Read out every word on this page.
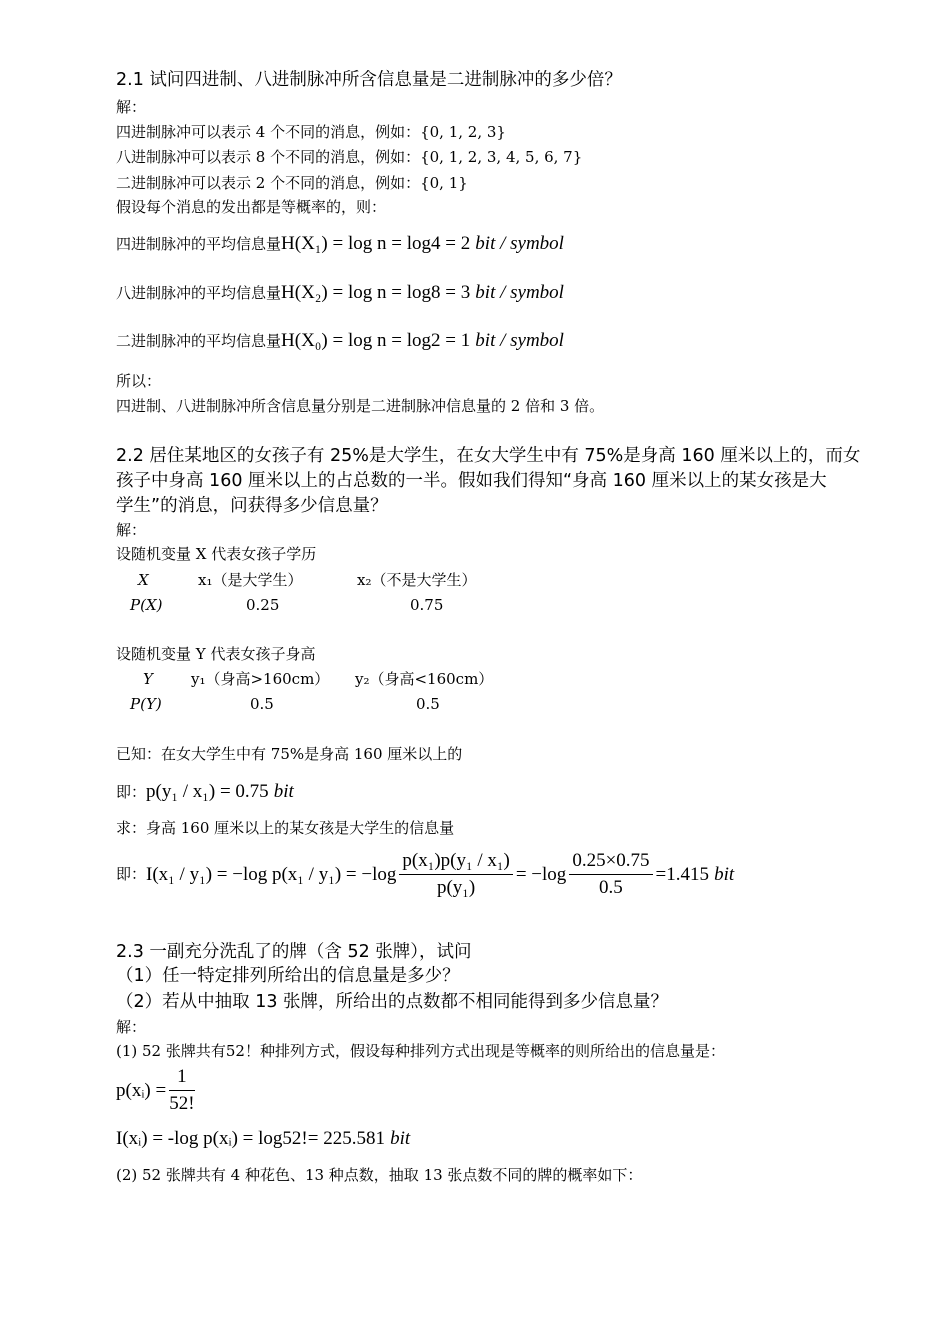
2.1 试问四进制、八进制脉冲所含信息量是二进制脉冲的多少倍？
解：
四进制脉冲可以表示 4 个不同的消息，例如：{0, 1, 2, 3}
八进制脉冲可以表示 8 个不同的消息，例如：{0, 1, 2, 3, 4, 5, 6, 7}
二进制脉冲可以表示 2 个不同的消息，例如：{0, 1}
假设每个消息的发出都是等概率的，则：
四进制脉冲的平均信息量H(X₁) = log n = log4 = 2 bit / symbol
八进制脉冲的平均信息量H(X₂) = log n = log8 = 3 bit / symbol
二进制脉冲的平均信息量H(X₀) = log n = log2 = 1 bit / symbol
所以：
四进制、八进制脉冲所含信息量分别是二进制脉冲信息量的 2 倍和 3 倍。
2.2 居住某地区的女孩子有 25%是大学生，在女大学生中有 75%是身高 160 厘米以上的，而女
孩子中身高 160 厘米以上的占总数的一半。假如我们得知“身高 160 厘米以上的某女孩是大
学生”的消息，问获得多少信息量？
解：
设随机变量 X 代表女孩子学历
X	x₁（是大学生）	x₂（不是大学生）
P(X)	0.25	0.75
设随机变量 Y 代表女孩子身高
Y	y₁（身高>160cm） y₂（身高<160cm）
P(Y)	0.5	0.5
已知：在女大学生中有 75%是身高 160 厘米以上的
即：p(y₁ / x₁) = 0.75 bit
求：身高 160 厘米以上的某女孩是大学生的信息量
即：I(x₁ / y₁) = −log $p(x_1 / y_1) = -\log \frac{\text{p(x₁)p(y₁ / x₁)}}{\text{p(y₁)}} = -\log \frac{0.25\times 0.75}{0.5} =1.415$ bit
2.3 一副充分洗乱了的牌（含 52 张牌），试问
（1）任一特定排列所给出的信息量是多少？
（2）若从中抽取 13 张牌，所给出的点数都不相同能得到多少信息量？
解：
(1) 52 张牌共有52！种排列方式，假设每种排列方式出现是等概率的则所给出的信息量是：
p(xᵢ) = $\frac{1}{52!}$
I(xᵢ) = -log p(xᵢ) = log52!= 225.581 bit
(2) 52 张牌共有 4 种花色、13 种点数，抽取 13 张点数不同的牌的概率如下：
